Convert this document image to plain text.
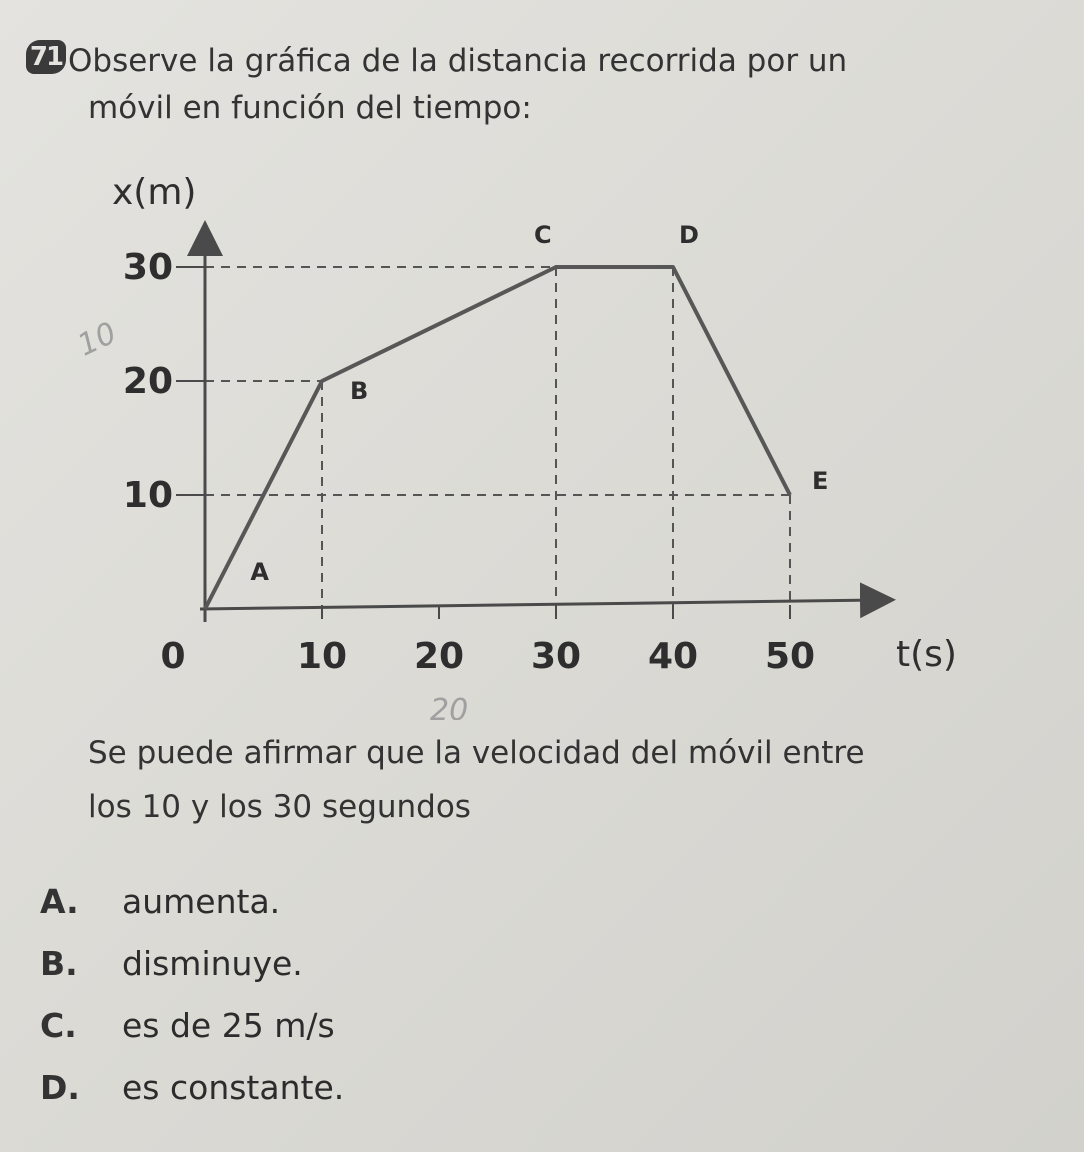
71 Observe la gráfica de la distancia recorrida por un
móvil en función del tiempo:
0	10 20 30 40 50
10
20
30
A
B
C	D
E
x(m)
t(s)
10
20
Se puede afirmar que la velocidad del móvil entre
los 10 y los 30 segundos
A. aumenta.
B. disminuye.
C. es de 25 m/s
D. es constante.
